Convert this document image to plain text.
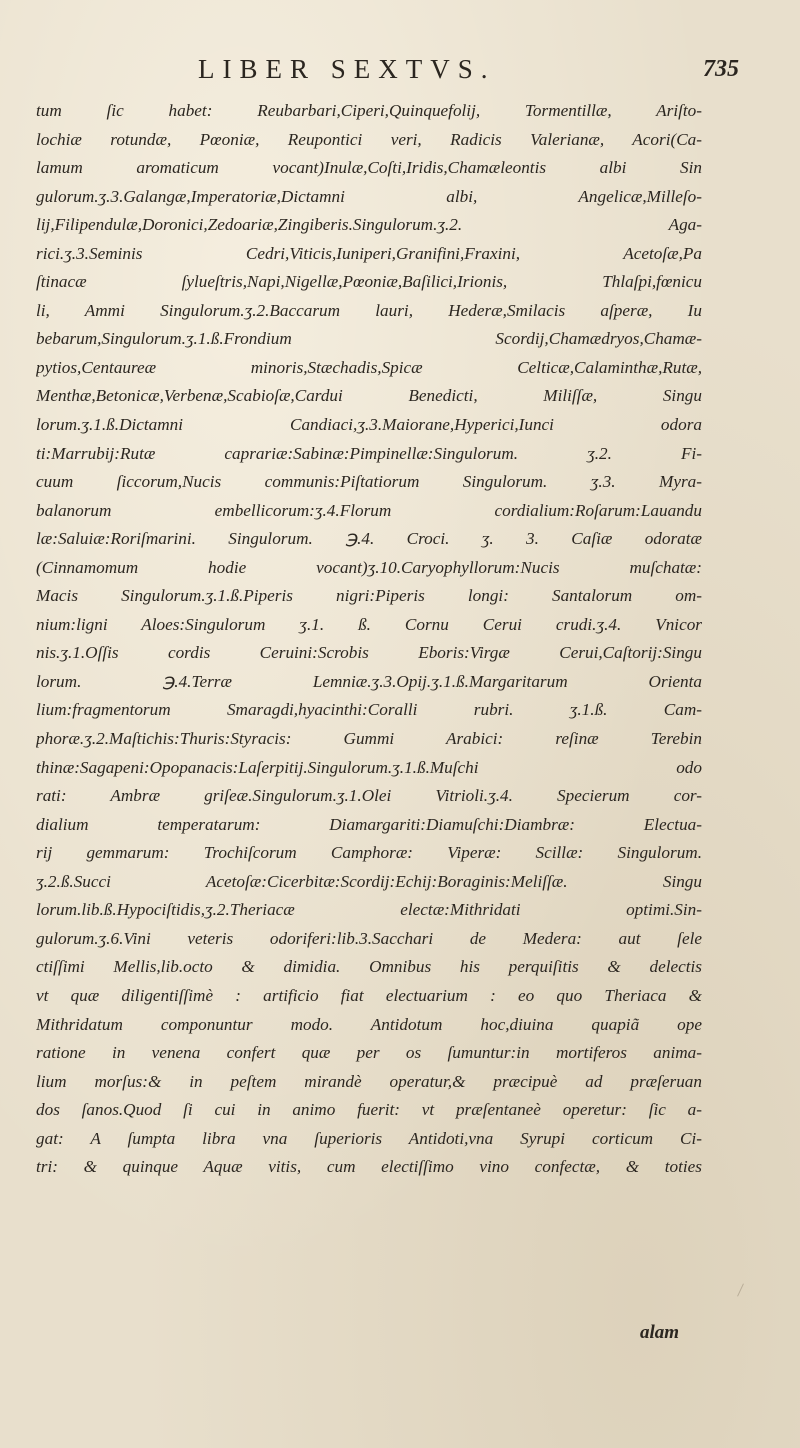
LIBER SEXTVS.	735
tum ſic habet: Reubarbari,Ciperi,Quinquefolij, Tormentillæ, Ariſto-
lochiæ rotundæ, Pœoniæ, Reupontici veri, Radicis Valerianæ, Acori(Ca-
lamum aromaticum vocant)Inulæ,Coſti,Iridis,Chamæleontis albi Sin
gulorum.ʒ.3.Galangæ,Imperatoriæ,Dictamni albi, Angelicæ,Milleſo-
lij,Filipendulæ,Doronici,Zedoariæ,Zingiberis.Singulorum.ʒ.2. Aga-
rici.ʒ.3.Seminis Cedri,Viticis,Iuniperi,Granifini,Fraxini, Acetoſæ,Pa
ſtinacæ ſylueſtris,Napi,Nigellæ,Pœoniæ,Baſilici,Irionis, Thlaſpi,fœnicu
li, Ammi Singulorum.ʒ.2.Baccarum lauri, Hederæ,Smilacis aſperæ, Iu
bebarum,Singulorum.ʒ.1.ß.Frondium Scordij,Chamædryos,Chamæ-
pytios,Centaureæ minoris,Stæchadis,Spicæ Celticæ,Calaminthæ,Rutæ,
Menthæ,Betonicæ,Verbenæ,Scabioſæ,Cardui Benedicti, Miliſſæ, Singu
lorum.ʒ.1.ß.Dictamni Candiaci,ʒ.3.Maiorane,Hyperici,Iunci odora
ti:Marrubij:Rutæ caprariæ:Sabinæ:Pimpinellæ:Singulorum. ʒ.2. Fi-
cuum ſiccorum,Nucis communis:Piſtatiorum Singulorum. ʒ.3. Myra-
balanorum embellicorum:ʒ.4.Florum cordialium:Roſarum:Lauandu
læ:Saluiæ:Roriſmarini. Singulorum. ℈.4. Croci. ʒ. 3. Caſiæ odoratæ
(Cinnamomum hodie vocant)ʒ.10.Caryophyllorum:Nucis muſchatæ:
Macis Singulorum.ʒ.1.ß.Piperis nigri:Piperis longi: Santalorum om-
nium:ligni Aloes:Singulorum ʒ.1. ß. Cornu Cerui crudi.ʒ.4. Vnicor
nis.ʒ.1.Oſſis cordis Ceruini:Scrobis Eboris:Virgæ Cerui,Caſtorij:Singu
lorum. ℈.4.Terræ Lemniæ.ʒ.3.Opij.ʒ.1.ß.Margaritarum Orienta
lium:fragmentorum Smaragdi,hyacinthi:Coralli rubri. ʒ.1.ß. Cam-
phoræ.ʒ.2.Maſtichis:Thuris:Styracis: Gummi Arabici: reſinæ Terebin
thinæ:Sagapeni:Opopanacis:Laſerpitij.Singulorum.ʒ.1.ß.Muſchi odo
rati: Ambræ griſeæ.Singulorum.ʒ.1.Olei Vitrioli.ʒ.4. Specierum cor-
dialium temperatarum: Diamargariti:Diamuſchi:Diambræ: Electua-
rij gemmarum: Trochiſcorum Camphoræ: Viperæ: Scillæ: Singulorum.
ʒ.2.ß.Succi Acetoſæ:Cicerbitæ:Scordij:Echij:Boraginis:Meliſſæ. Singu
lorum.lib.ß.Hypociſtidis,ʒ.2.Theriacæ electæ:Mithridati optimi.Sin-
gulorum.ʒ.6.Vini veteris odoriferi:lib.3.Sacchari de Medera: aut ſele
ctiſſimi Mellis,lib.octo & dimidia. Omnibus his perquiſitis & delectis
vt quæ diligentiſſimè : artificio fiat electuarium : eo quo Theriaca &
Mithridatum componuntur modo. Antidotum hoc,diuina quapiã ope
ratione in venena confert quæ per os ſumuntur:in mortiferos anima-
lium morſus:& in peſtem mirandè operatur,& præcipuè ad præſeruan
dos ſanos.Quod ſi cui in animo fuerit: vt præſentaneè operetur: ſic a-
gat: A ſumpta libra vna ſuperioris Antidoti,vna Syrupi corticum Ci-
tri: & quinque Aquæ vitis, cum electiſſimo vino confectæ, & toties
alam
